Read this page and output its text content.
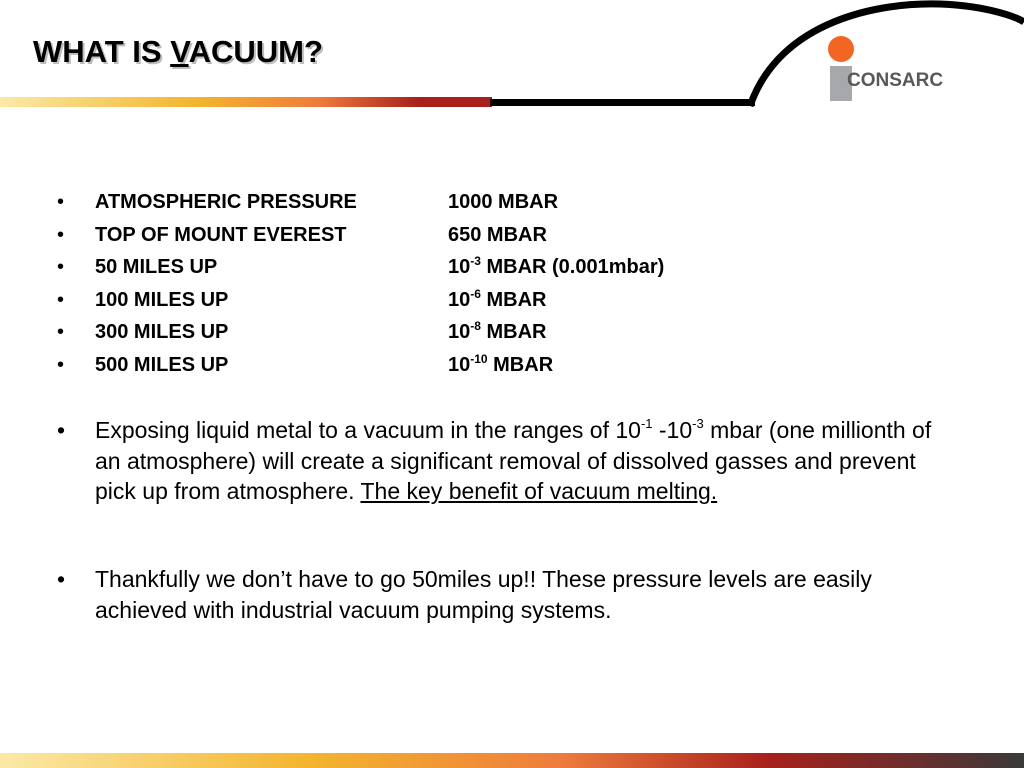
WHAT IS VACUUM?
CONSARC
• ATMOSPHERIC PRESSURE	1000 MBAR
• TOP OF MOUNT EVEREST	650 MBAR
• 50 MILES UP	$10^{-3}$ MBAR (0.001mbar)
• 100 MILES UP	$10^{-6}$ MBAR
• 300 MILES UP	$10^{-8}$ MBAR
• 500 MILES UP	$10^{-10}$ MBAR
• Exposing liquid metal to a vacuum in the ranges of $10^{-1}$ $-10^{-3}$ mbar (one millionth of an atmosphere) will create a significant removal of dissolved gasses and prevent pick up from atmosphere. The key benefit of vacuum melting.
• Thankfully we don’t have to go 50miles up!! These pressure levels are easily achieved with industrial vacuum pumping systems.
